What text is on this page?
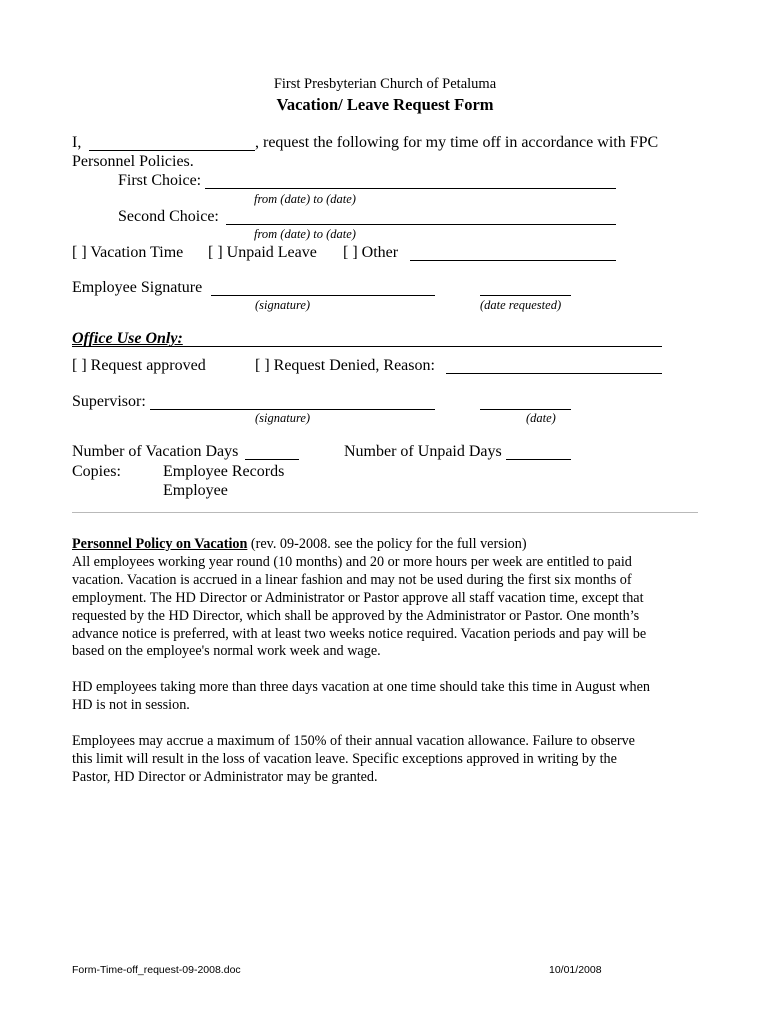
First Presbyterian Church of Petaluma
Vacation/ Leave Request Form
I,	, request the following for my time off in accordance with FPC
Personnel Policies.
First Choice:
from (date) to (date)
Second Choice:
from (date) to (date)
[ ] Vacation Time [ ] Unpaid Leave [ ] Other
Employee Signature
(signature)	(date requested)
Office Use Only:
[ ] Request approved	[ ] Request Denied, Reason:
Supervisor:
(signature)	(date)
Number of Vacation Days	Number of Unpaid Days
Copies:	Employee Records
Employee

Personnel Policy on Vacation (rev. 09-2008. see the policy for the full version)

All employees working year round (10 months) and 20 or more hours per week are entitled to paid

vacation. Vacation is accrued in a linear fashion and may not be used during the first six months of

employment. The HD Director or Administrator or Pastor approve all staff vacation time, except that

requested by the HD Director, which shall be approved by the Administrator or Pastor. One month’s

advance notice is preferred, with at least two weeks notice required. Vacation periods and pay will be

based on the employee's normal work week and wage.

HD employees taking more than three days vacation at one time should take this time in August when

HD is not in session.

Employees may accrue a maximum of 150% of their annual vacation allowance. Failure to observe

this limit will result in the loss of vacation leave. Specific exceptions approved in writing by the

Pastor, HD Director or Administrator may be granted.

Form-Time-off_request-09-2008.doc	10/01/2008
